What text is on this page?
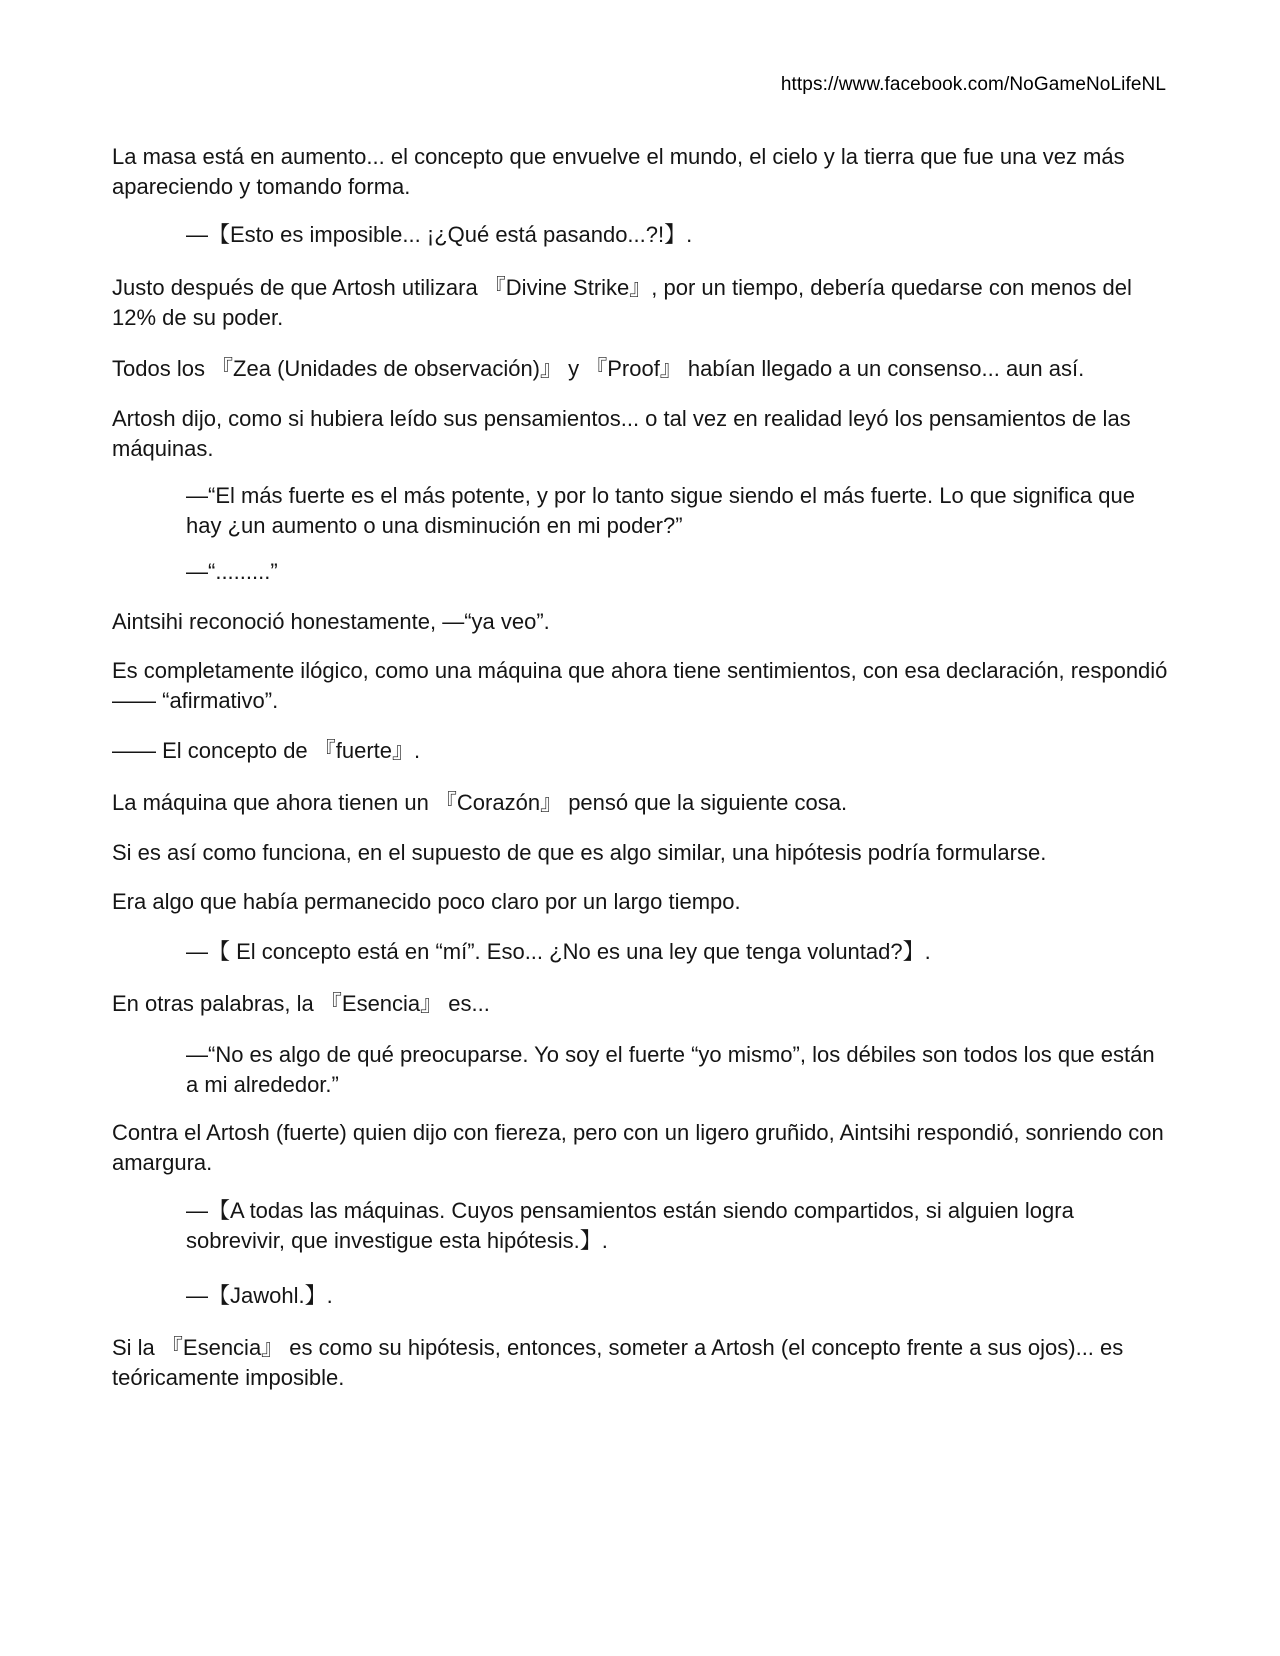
https://www.facebook.com/NoGameNoLifeNL

La masa está en aumento... el concepto que envuelve el mundo, el cielo y la tierra que fue una vez más apareciendo y tomando forma.

—【Esto es imposible... ¡¿Qué está pasando...?!】.

Justo después de que Artosh utilizara 『Divine Strike』, por un tiempo, debería quedarse con menos del 12% de su poder.

Todos los 『Zea (Unidades de observación)』 y 『Proof』 habían llegado a un consenso... aun así.

Artosh dijo, como si hubiera leído sus pensamientos... o tal vez en realidad leyó los pensamientos de las máquinas.

—“El más fuerte es el más potente, y por lo tanto sigue siendo el más fuerte. Lo que significa que hay ¿un aumento o una disminución en mi poder?”

—“.........”

Aintsihi reconoció honestamente, —“ya veo”.

Es completamente ilógico, como una máquina que ahora tiene sentimientos, con esa declaración, respondió —— “afirmativo”.

—— El concepto de 『fuerte』.

La máquina que ahora tienen un 『Corazón』 pensó que la siguiente cosa.

Si es así como funciona, en el supuesto de que es algo similar, una hipótesis podría formularse.

Era algo que había permanecido poco claro por un largo tiempo.

—【 El concepto está en “mí”. Eso... ¿No es una ley que tenga voluntad?】.

En otras palabras, la 『Esencia』 es...

—“No es algo de qué preocuparse. Yo soy el fuerte “yo mismo”, los débiles son todos los que están a mi alrededor.”

Contra el Artosh (fuerte) quien dijo con fiereza, pero con un ligero gruñido, Aintsihi respondió, sonriendo con amargura.

—【A todas las máquinas. Cuyos pensamientos están siendo compartidos, si alguien logra sobrevivir, que investigue esta hipótesis.】.

—【Jawohl.】.

Si la 『Esencia』 es como su hipótesis, entonces, someter a Artosh (el concepto frente a sus ojos)... es teóricamente imposible.
